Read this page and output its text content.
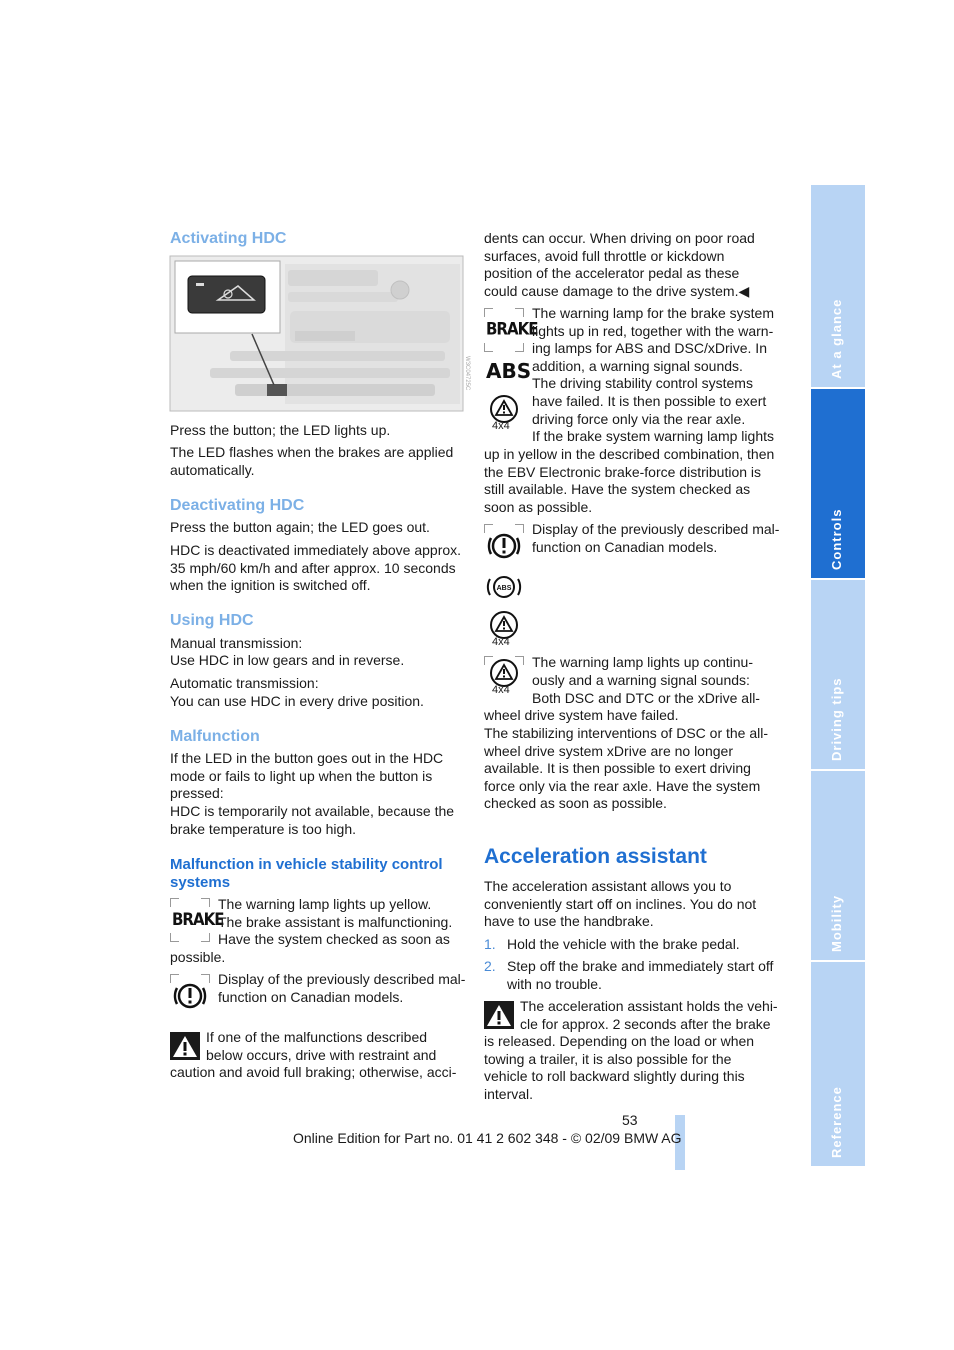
At a glance
Controls
Driving tips
Mobility
Reference
Activating HDC
W3C04725C

Press the button; the LED lights up.

The LED flashes when the brakes are applied automatically.

Deactivating HDC

Press the button again; the LED goes out.

HDC is deactivated immediately above approx. 35 mph/60 km/h and after approx. 10 seconds when the ignition is switched off.

Using HDC

Manual transmission:

Use HDC in low gears and in reverse.

Automatic transmission:

You can use HDC in every drive position.

Malfunction

If the LED in the button goes out in the HDC mode or fails to light up when the button is pressed:

HDC is temporarily not available, because the brake temperature is too high.

Malfunction in vehicle stability control
systems
BRAKE

The warning lamp lights up yellow.

The brake assistant is malfunctioning.

Have the system checked as soon as

possible.

Display of the previously described mal-

function on Canadian models.

If one of the malfunctions described

below occurs, drive with restraint and

caution and avoid full braking; otherwise, acci-

dents can occur. When driving on poor road surfaces, avoid full throttle or kickdown position of the accelerator pedal as these could cause damage to the drive system.◀

BRAKE
ABS
4x4

The warning lamp for the brake system

lights up in red, together with the warn-

ing lamps for ABS and DSC/xDrive. In

addition, a warning signal sounds.

The driving stability control systems

have failed. It is then possible to exert

driving force only via the rear axle.

If the brake system warning lamp lights

up in yellow in the described combination, then the EBV Electronic brake-force distribution is still available. Have the system checked as soon as possible.

ABS
4x4

Display of the previously described mal-

function on Canadian models.

4x4

The warning lamp lights up continu-

ously and a warning signal sounds:

Both DSC and DTC or the xDrive all-

wheel drive system have failed.

The stabilizing interventions of DSC or the all-wheel drive system xDrive are no longer available. It is then possible to exert driving force only via the rear axle. Have the system checked as soon as possible.

Acceleration assistant

The acceleration assistant allows you to conveniently start off on inclines. You do not have to use the handbrake.

1. Hold the vehicle with the brake pedal.

2. Step off the brake and immediately start off with no trouble.

The acceleration assistant holds the vehi-

cle for approx. 2 seconds after the brake

is released. Depending on the load or when towing a trailer, it is also possible for the vehicle to roll backward slightly during this interval.

53
Online Edition for Part no. 01 41 2 602 348 - © 02/09 BMW AG
